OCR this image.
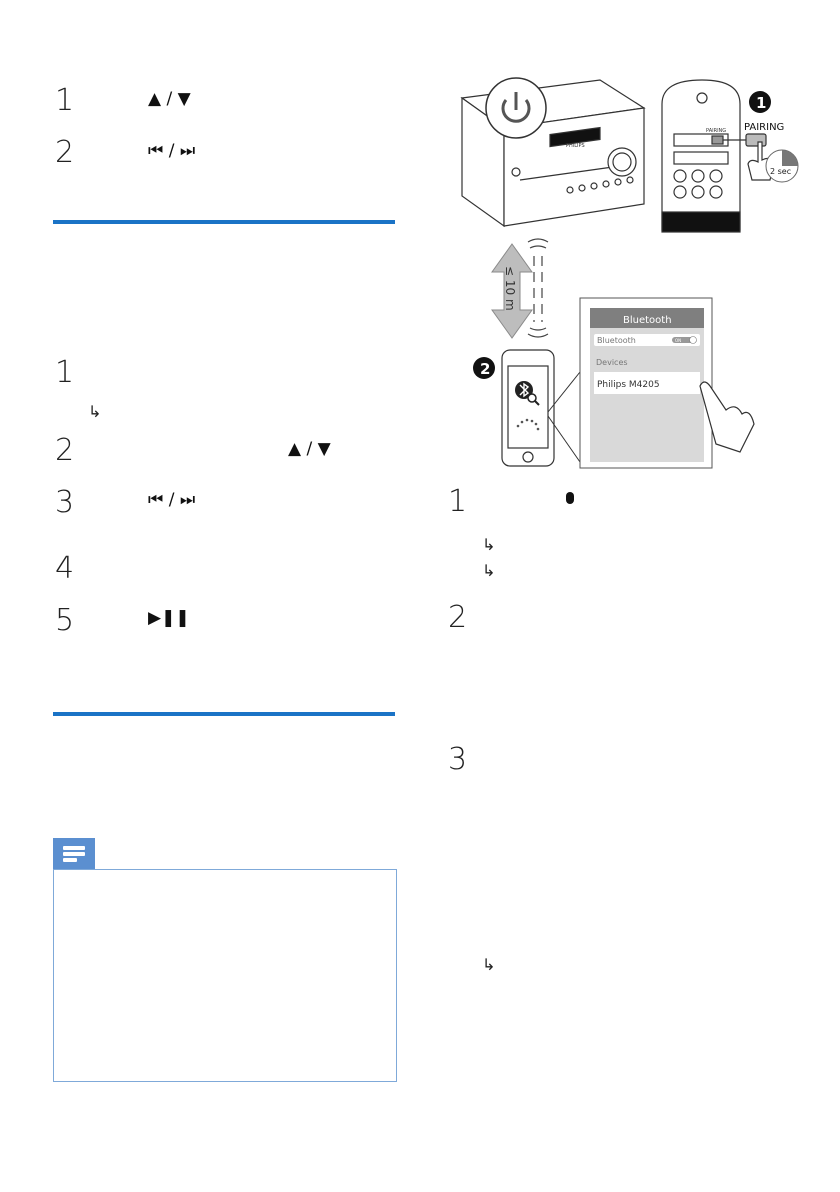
1	▲ / ▼
2	⏮ / ⏭
1
↳
2	▲ / ▼
3	⏮ / ⏭
4
5	▶❚❚
PHILIPS
PAIRING PAIRING
1
≤ 10 m
2
Bluetooth
Bluetooth	ON
Devices
Philips M4205
2 sec
1
↳
↳
2
3
↳
